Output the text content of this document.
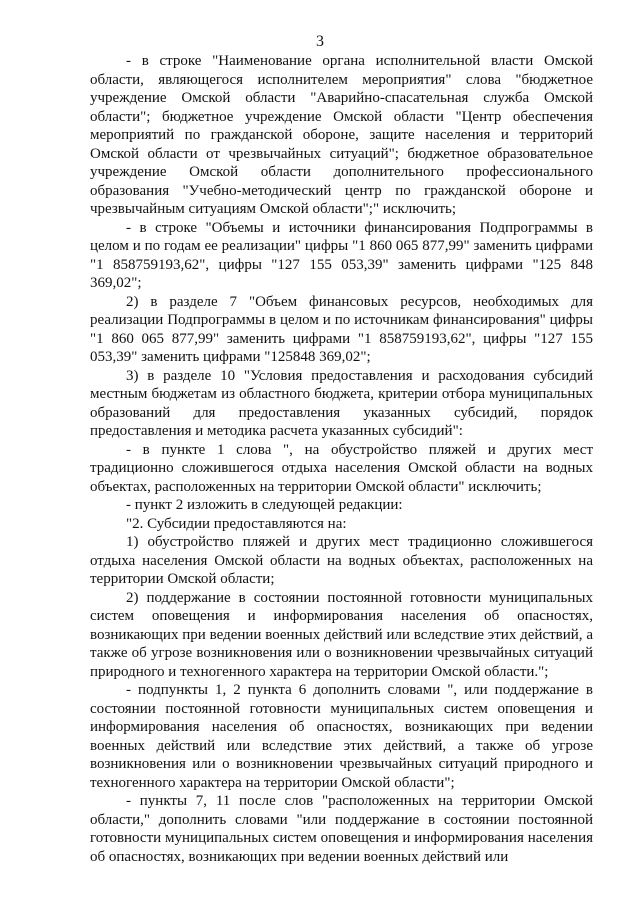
3

- в строке "Наименование органа исполнительной власти Омской области, являющегося исполнителем мероприятия" слова "бюджетное учреждение Омской области "Аварийно-спасательная служба Омской области"; бюджетное учреждение Омской области "Центр обеспечения мероприятий по гражданской обороне, защите населения и территорий Омской области от чрезвычайных ситуаций"; бюджетное образовательное учреждение Омской области дополнительного профессионального образования "Учебно-методический центр по гражданской обороне и чрезвычайным ситуациям Омской области";" исключить;

- в строке "Объемы и источники финансирования Подпрограммы в целом и по годам ее реализации" цифры "1 860 065 877,99" заменить цифрами "1 858759193,62", цифры "127 155 053,39" заменить цифрами "125 848 369,02";

2) в разделе 7 "Объем финансовых ресурсов, необходимых для реализации Подпрограммы в целом и по источникам финансирования" цифры "1 860 065 877,99" заменить цифрами "1 858759193,62", цифры "127 155 053,39" заменить цифрами "125848 369,02";

3) в разделе 10 "Условия предоставления и расходования субсидий местным бюджетам из областного бюджета, критерии отбора муниципальных образований для предоставления указанных субсидий, порядок предоставления и методика расчета указанных субсидий":

- в пункте 1 слова ", на обустройство пляжей и других мест традиционно сложившегося отдыха населения Омской области на водных объектах, расположенных на территории Омской области" исключить;

- пункт 2 изложить в следующей редакции:

"2. Субсидии предоставляются на:

1) обустройство пляжей и других мест традиционно сложившегося отдыха населения Омской области на водных объектах, расположенных на территории Омской области;

2) поддержание в состоянии постоянной готовности муниципальных систем оповещения и информирования населения об опасностях, возникающих при ведении военных действий или вследствие этих действий, а также об угрозе возникновения или о возникновении чрезвычайных ситуаций природного и техногенного характера на территории Омской области.";

- подпункты 1, 2 пункта 6 дополнить словами ", или поддержание в состоянии постоянной готовности муниципальных систем оповещения и информирования населения об опасностях, возникающих при ведении военных действий или вследствие этих действий, а также об угрозе возникновения или о возникновении чрезвычайных ситуаций природного и техногенного характера на территории Омской области";

- пункты 7, 11 после слов "расположенных на территории Омской области," дополнить словами "или поддержание в состоянии постоянной готовности муниципальных систем оповещения и информирования населения об опасностях, возникающих при ведении военных действий или
